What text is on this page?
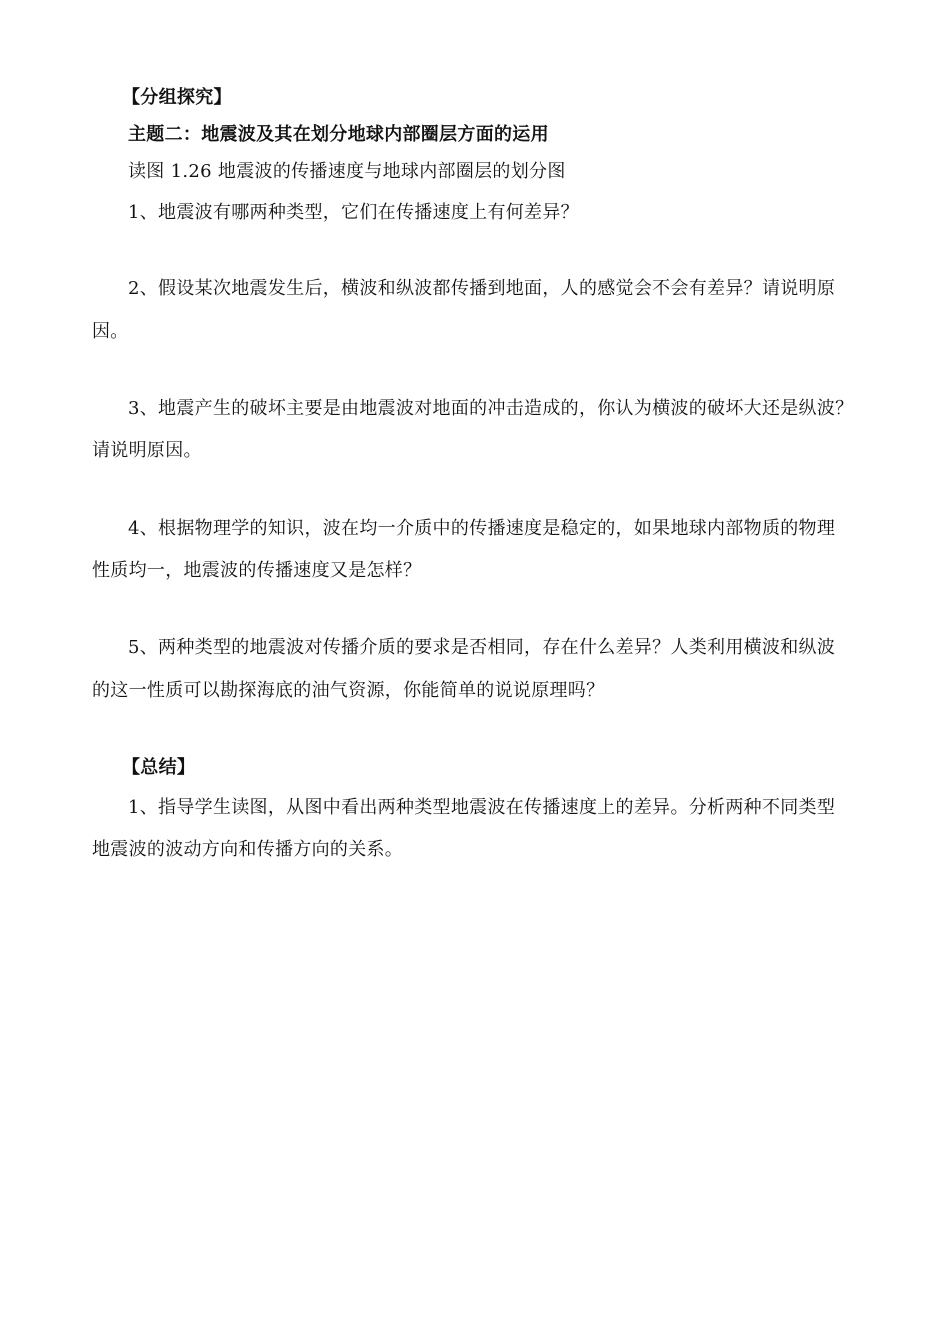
【分组探究】
主题二：地震波及其在划分地球内部圈层方面的运用
读图 1.26 地震波的传播速度与地球内部圈层的划分图
1、地震波有哪两种类型，它们在传播速度上有何差异？
2、假设某次地震发生后，横波和纵波都传播到地面，人的感觉会不会有差异？请说明原
因。
3、地震产生的破坏主要是由地震波对地面的冲击造成的，你认为横波的破坏大还是纵波？
请说明原因。
4、根据物理学的知识，波在均一介质中的传播速度是稳定的，如果地球内部物质的物理
性质均一，地震波的传播速度又是怎样？
5、两种类型的地震波对传播介质的要求是否相同，存在什么差异？人类利用横波和纵波
的这一性质可以勘探海底的油气资源，你能简单的说说原理吗？
【总结】
1、指导学生读图，从图中看出两种类型地震波在传播速度上的差异。分析两种不同类型
地震波的波动方向和传播方向的关系。
